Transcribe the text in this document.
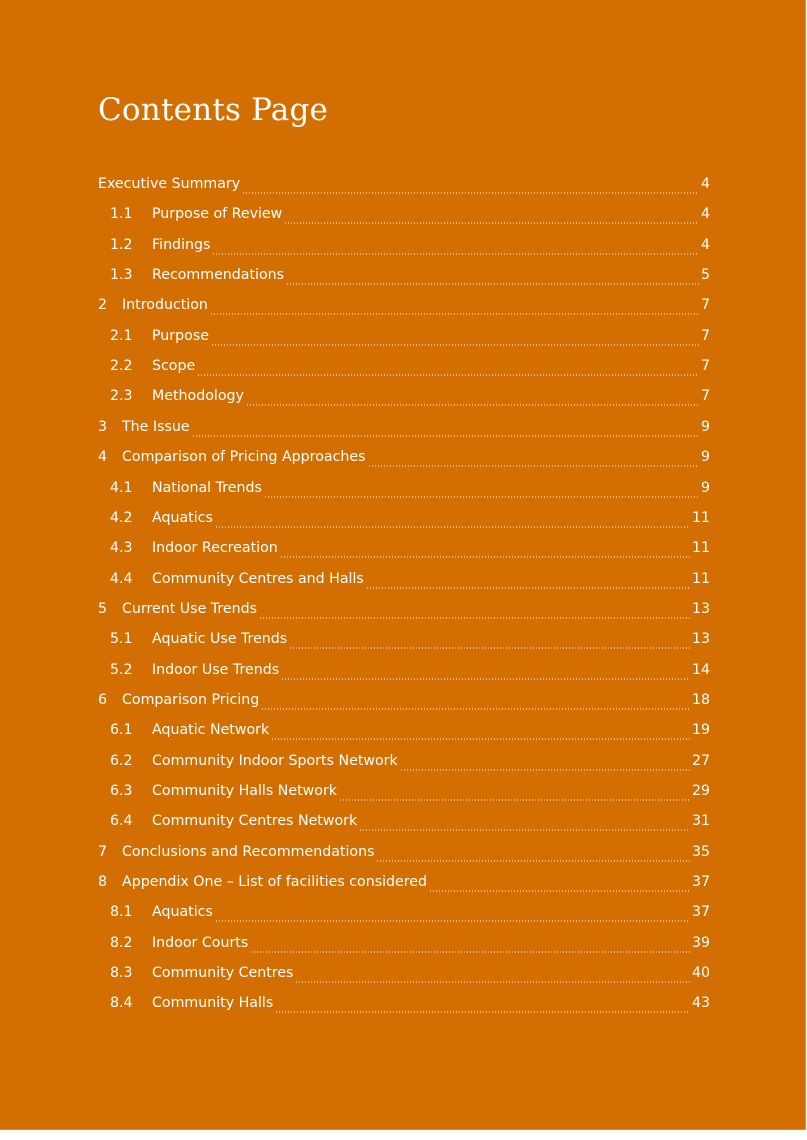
Contents Page
Executive Summary	4
1.1	Purpose of Review	4
1.2	Findings	4
1.3	Recommendations	5
2	Introduction	7
2.1	Purpose	7
2.2	Scope	7
2.3	Methodology	7
3	The Issue	9
4	Comparison of Pricing Approaches	9
4.1	National Trends	9
4.2	Aquatics	11
4.3	Indoor Recreation	11
4.4	Community Centres and Halls	11
5	Current Use Trends	13
5.1	Aquatic Use Trends	13
5.2	Indoor Use Trends	14
6	Comparison Pricing	18
6.1	Aquatic Network	19
6.2	Community Indoor Sports Network	27
6.3	Community Halls Network	29
6.4	Community Centres Network	31
7	Conclusions and Recommendations	35
8	Appendix One – List of facilities considered	37
8.1	Aquatics	37
8.2	Indoor Courts	39
8.3	Community Centres	40
8.4	Community Halls	43
